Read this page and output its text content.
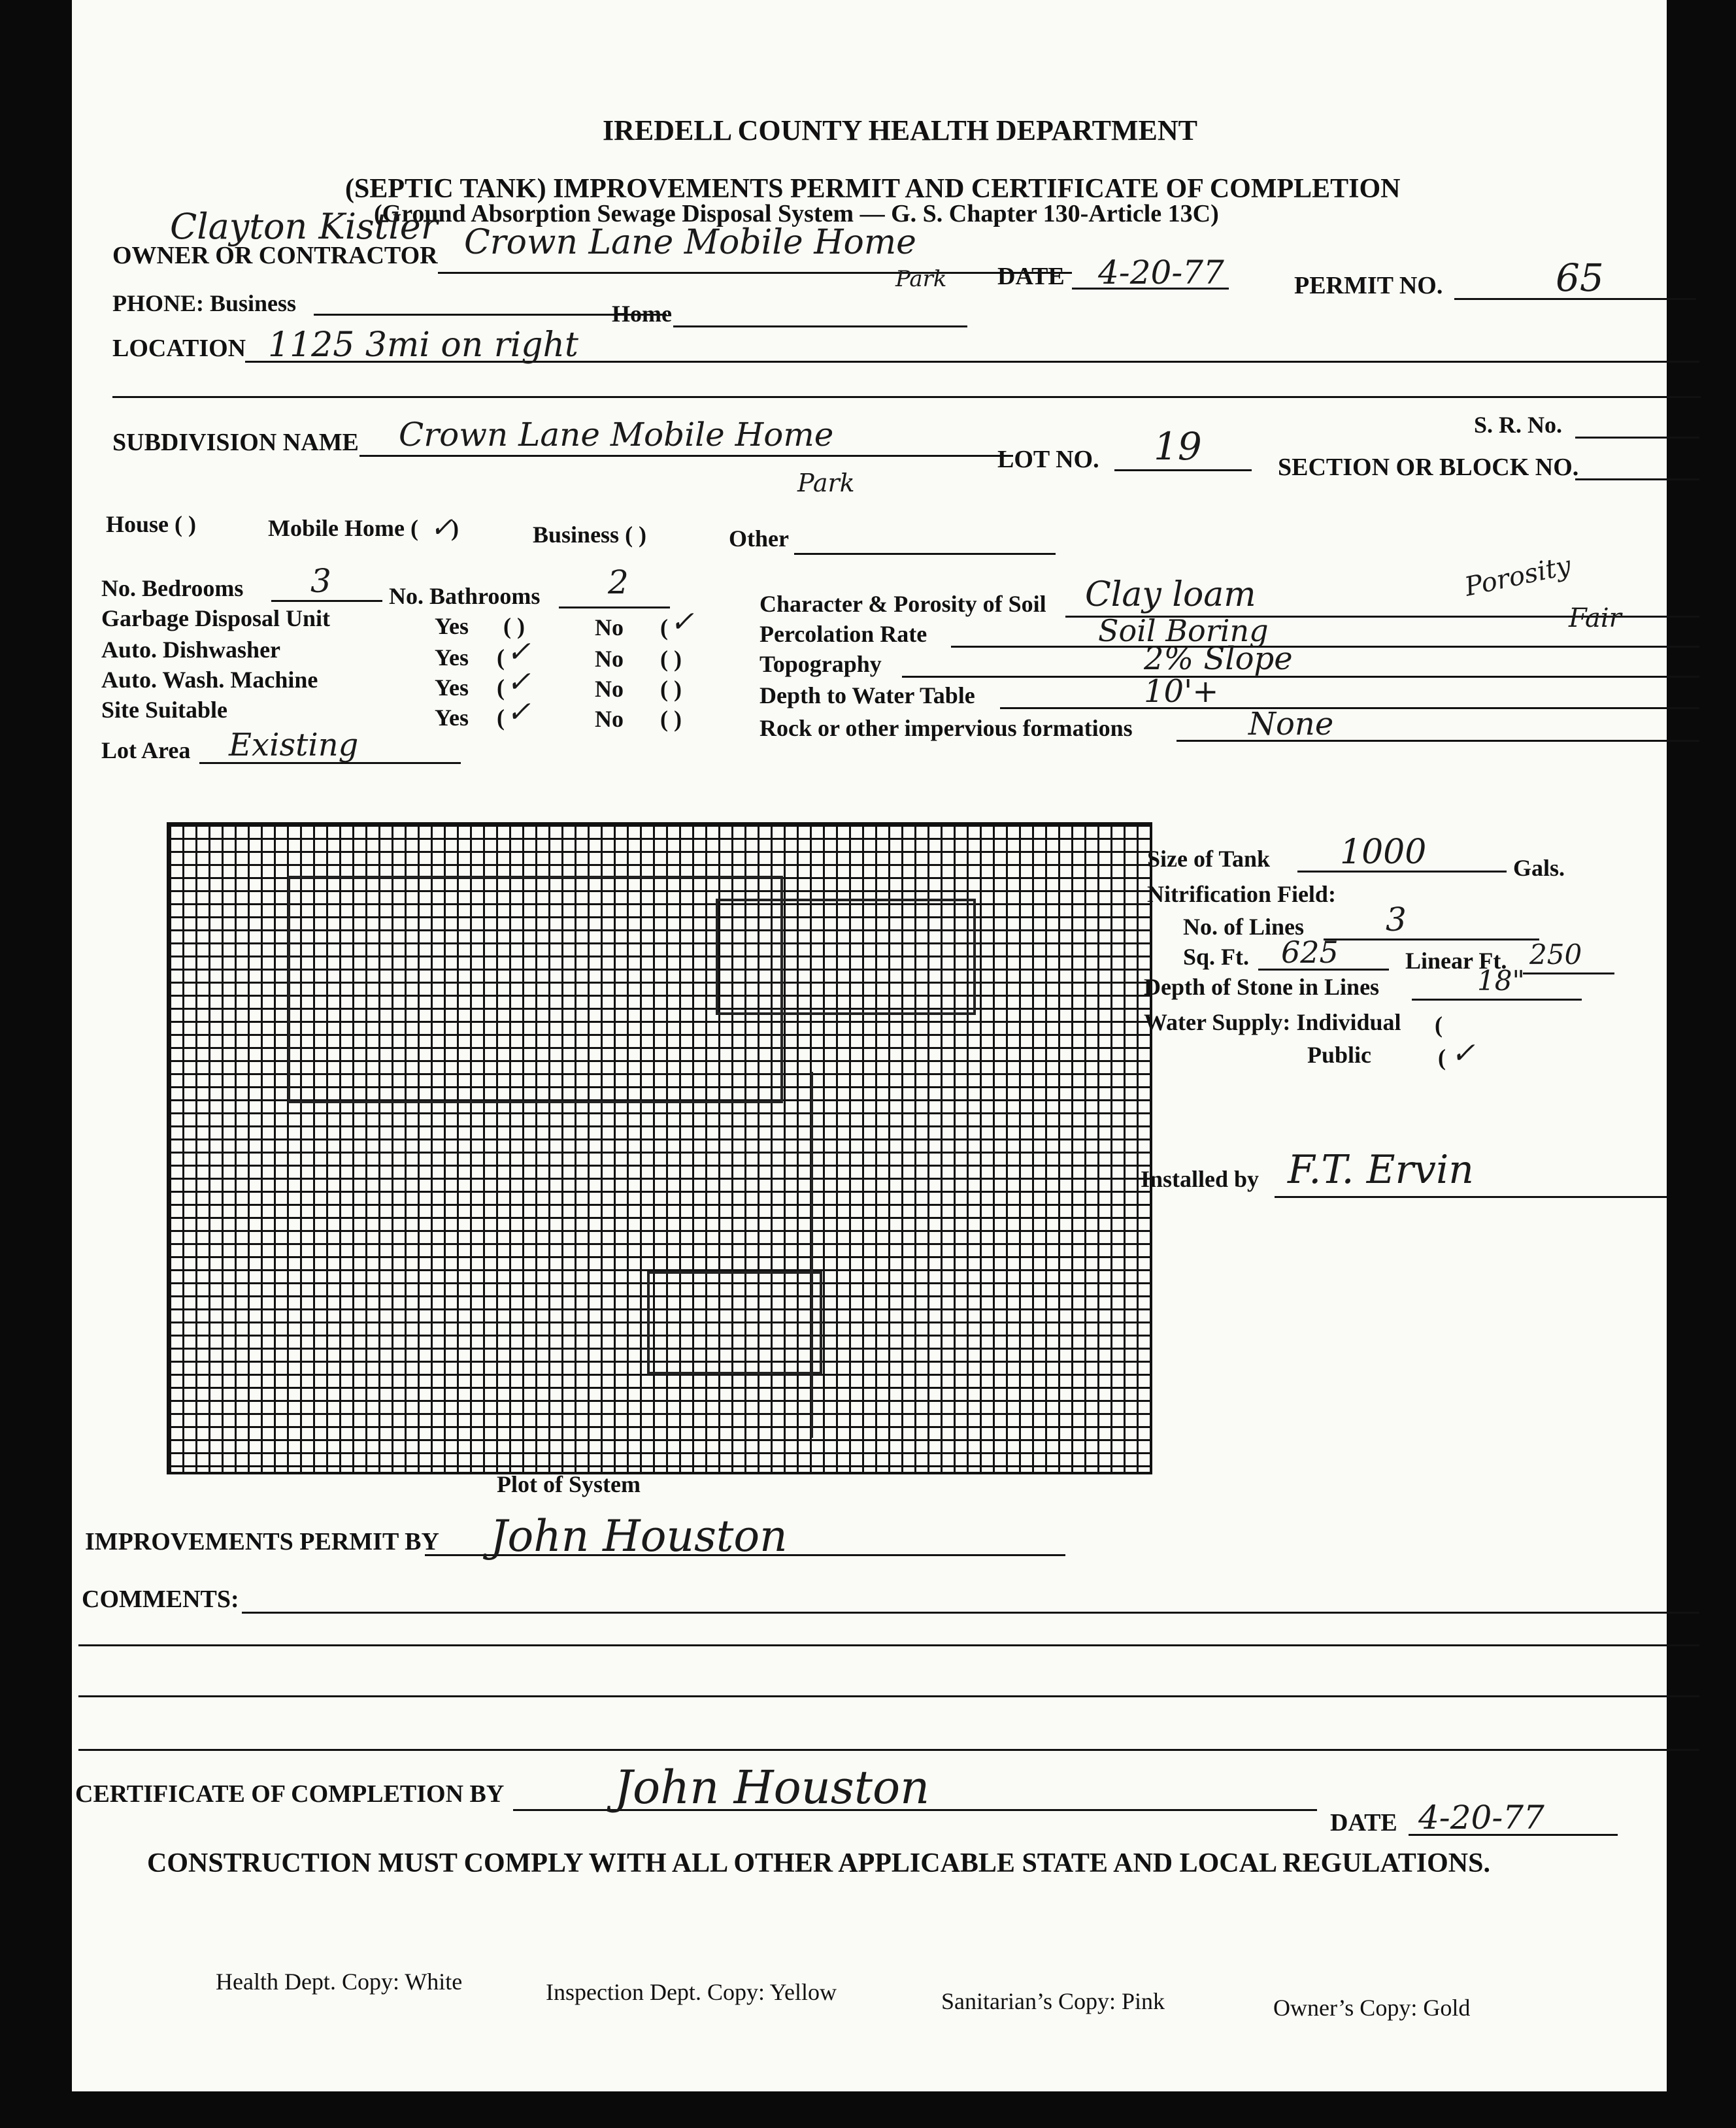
IREDELL COUNTY HEALTH DEPARTMENT
(SEPTIC TANK) IMPROVEMENTS PERMIT AND CERTIFICATE OF COMPLETION
(Ground Absorption Sewage Disposal System — G. S. Chapter 130-Article 13C)
Clayton Kistler
OWNER OR CONTRACTOR Crown Lane Mobile Home
Park DATE 4-20-77	PERMIT NO.	65
PHONE: Business	Home
LOCATION 1125 3mi on right
S. R. No.
SUBDIVISION NAME Crown Lane Mobile Home
Park
LOT NO. 19	SECTION OR BLOCK NO.
House ( )	Mobile Home ( ✓
)	Business ( )	Other
No. Bedrooms 3 No. Bathrooms 2
Garbage Disposal Unit	Yes ( )	No ( ✓
Auto. Dishwasher	Yes ( ✓	No ( )
Auto. Wash. Machine	Yes ( ✓	No ( )
Site Suitable	Yes ( ✓	No ( )
Lot Area Existing
Character & Porosity of Soil Clay loam	Porosity
Fair
Percolation Rate	Soil Boring
Topography	2% Slope
Depth to Water Table	10'+
Rock or other impervious formations	None
Plot of System
Size of Tank 1000	Gals.
Nitrification Field:
No. of Lines 3
Sq. Ft. 625	Linear Ft. 250
Depth of Stone in Lines	18"
Water Supply: Individual (
Public	( ✓
Installed by F.T. Ervin
IMPROVEMENTS PERMIT BY John Houston
COMMENTS:
CERTIFICATE OF COMPLETION BY John Houston
DATE 4-20-77
CONSTRUCTION MUST COMPLY WITH ALL OTHER APPLICABLE STATE AND LOCAL REGULATIONS.
Health Dept. Copy: White	Inspection Dept. Copy: Yellow	Sanitarian’s Copy: Pink	Owner’s Copy: Gold
